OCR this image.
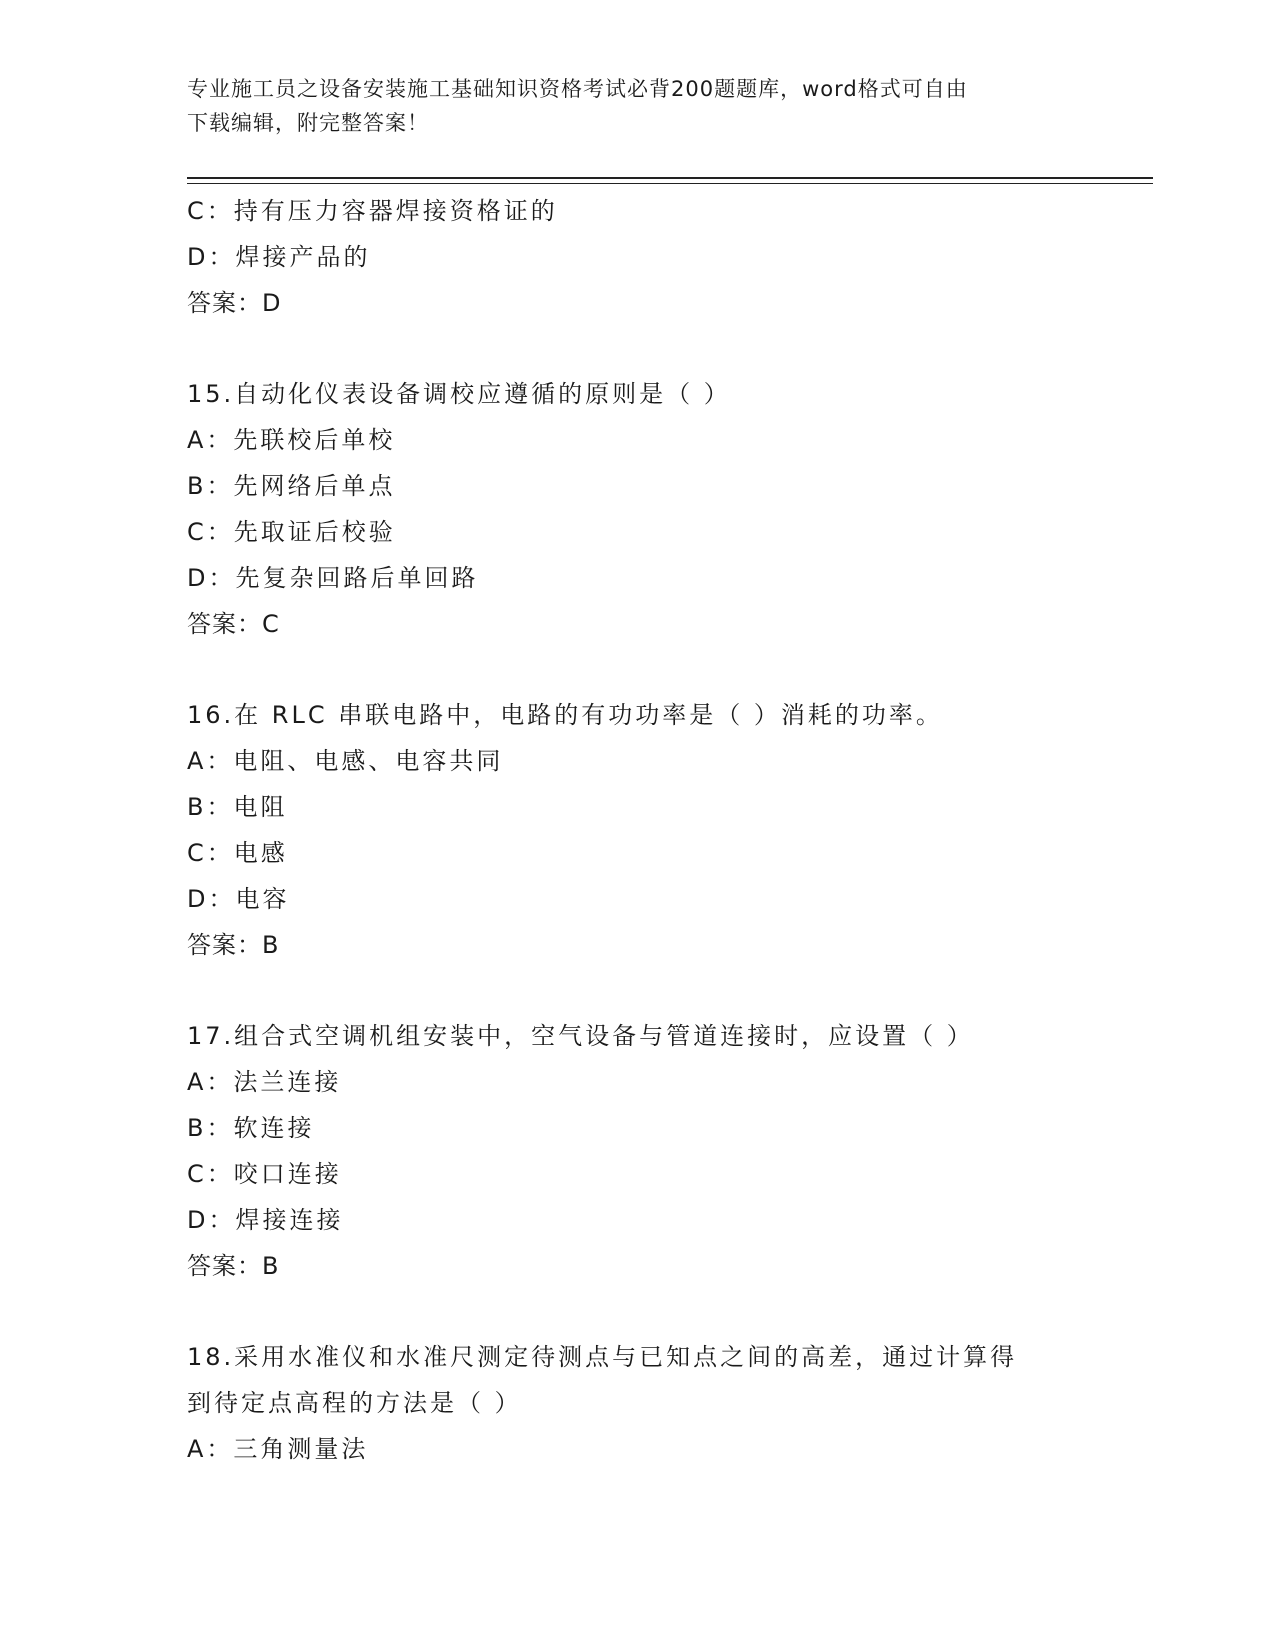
专业施工员之设备安装施工基础知识资格考试必背200题题库，word格式可自由
下载编辑，附完整答案！
C：持有压力容器焊接资格证的
D：焊接产品的
答案：D
15.自动化仪表设备调校应遵循的原则是（ ）
A：先联校后单校
B：先网络后单点
C：先取证后校验
D：先复杂回路后单回路
答案：C
16.在 RLC 串联电路中，电路的有功功率是（ ）消耗的功率。
A：电阻、电感、电容共同
B：电阻
C：电感
D：电容
答案：B
17.组合式空调机组安装中，空气设备与管道连接时，应设置（ ）
A：法兰连接
B：软连接
C：咬口连接
D：焊接连接
答案：B
18.采用水准仪和水准尺测定待测点与已知点之间的高差，通过计算得
到待定点高程的方法是（ ）
A：三角测量法
